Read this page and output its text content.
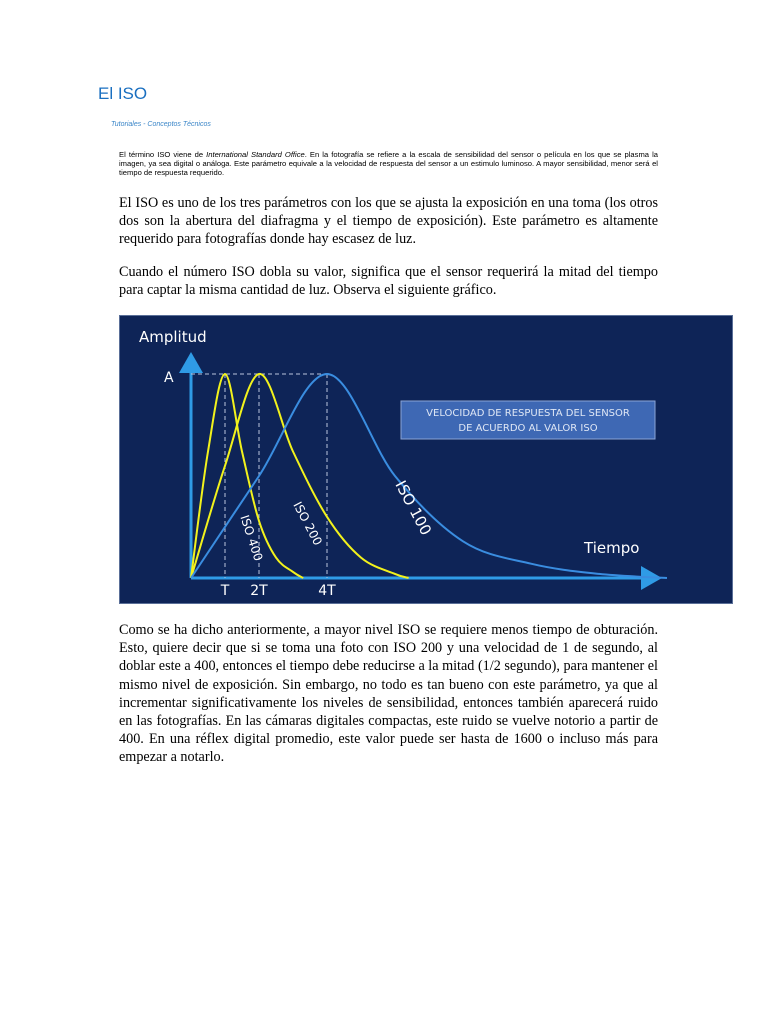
El ISO
Tutoriales - Conceptos Técnicos
El término ISO viene de International Standard Office. En la fotografía se refiere a la escala de sensibilidad del sensor o película en los que se plasma la imagen, ya sea digital o análoga. Este parámetro equivale a la velocidad de respuesta del sensor a un estimulo luminoso. A mayor sensibilidad, menor será el tiempo de respuesta requerido.

El ISO es uno de los tres parámetros con los que se ajusta la exposición en una toma (los otros dos son la abertura del diafragma y el tiempo de exposición). Este parámetro es altamente requerido para fotografías donde hay escasez de luz.

Cuando el número ISO dobla su valor, significa que el sensor requerirá la mitad del tiempo para captar la misma cantidad de luz. Observa el siguiente gráfico.

Amplitud
A
Tiempo
T 2T	4T
VELOCIDAD DE RESPUESTA DEL SENSOR
DE ACUERDO AL VALOR ISO
ISO 400 ISO 200	ISO 100

Como se ha dicho anteriormente, a mayor nivel ISO se requiere menos tiempo de obturación. Esto, quiere decir que si se toma una foto con ISO 200 y una velocidad de 1 de segundo, al doblar este a 400, entonces el tiempo debe reducirse a la mitad (1/2 segundo), para mantener el mismo nivel de exposición. Sin embargo, no todo es tan bueno con este parámetro, ya que al incrementar significativamente los niveles de sensibilidad, entonces también aparecerá ruido en las fotografías. En las cámaras digitales compactas, este ruido se vuelve notorio a partir de 400. En una réflex digital promedio, este valor puede ser hasta de 1600 o incluso más para empezar a notarlo.
